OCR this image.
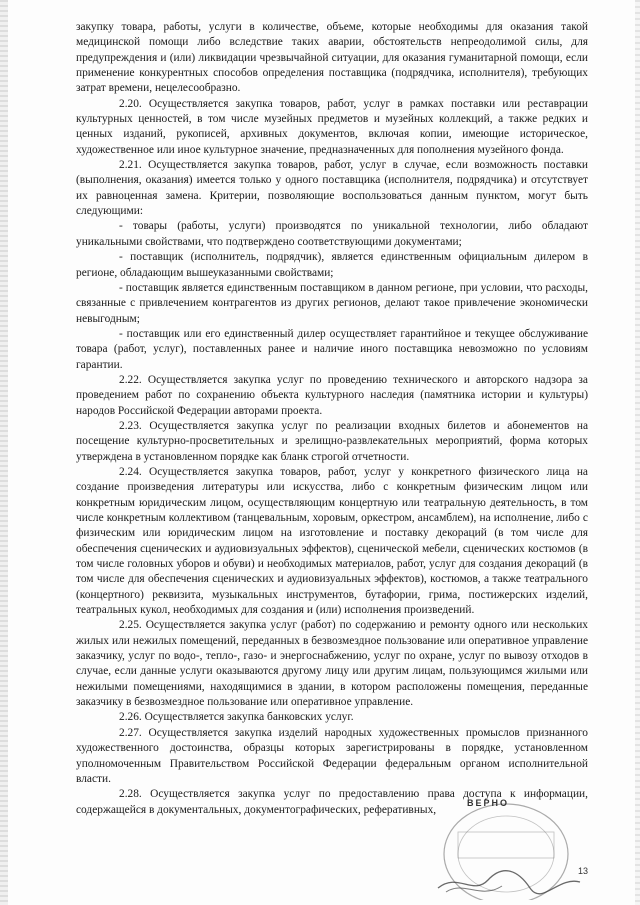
закупку товара, работы, услуги в количестве, объеме, которые необходимы для оказания такой медицинской помощи либо вследствие таких аварии, обстоятельств непреодолимой силы, для предупреждения и (или) ликвидации чрезвычайной ситуации, для оказания гуманитарной помощи, если применение конкурентных способов определения поставщика (подрядчика, исполнителя), требующих затрат времени, нецелесообразно.

2.20. Осуществляется закупка товаров, работ, услуг в рамках поставки или реставрации культурных ценностей, в том числе музейных предметов и музейных коллекций, а также редких и ценных изданий, рукописей, архивных документов, включая копии, имеющие историческое, художественное или иное культурное значение, предназначенных для пополнения музейного фонда.

2.21. Осуществляется закупка товаров, работ, услуг в случае, если возможность поставки (выполнения, оказания) имеется только у одного поставщика (исполнителя, подрядчика) и отсутствует их равноценная замена. Критерии, позволяющие воспользоваться данным пунктом, могут быть следующими:

- товары (работы, услуги) производятся по уникальной технологии, либо обладают уникальными свойствами, что подтверждено соответствующими документами;

- поставщик (исполнитель, подрядчик), является единственным официальным дилером в регионе, обладающим вышеуказанными свойствами;

- поставщик является единственным поставщиком в данном регионе, при условии, что расходы, связанные с привлечением контрагентов из других регионов, делают такое привлечение экономически невыгодным;

- поставщик или его единственный дилер осуществляет гарантийное и текущее обслуживание товара (работ, услуг), поставленных ранее и наличие иного поставщика невозможно по условиям гарантии.

2.22. Осуществляется закупка услуг по проведению технического и авторского надзора за проведением работ по сохранению объекта культурного наследия (памятника истории и культуры) народов Российской Федерации авторами проекта.

2.23. Осуществляется закупка услуг по реализации входных билетов и абонементов на посещение культурно-просветительных и зрелищно-развлекательных мероприятий, форма которых утверждена в установленном порядке как бланк строгой отчетности.

2.24. Осуществляется закупка товаров, работ, услуг у конкретного физического лица на создание произведения литературы или искусства, либо с конкретным физическим лицом или конкретным юридическим лицом, осуществляющим концертную или театральную деятельность, в том числе конкретным коллективом (танцевальным, хоровым, оркестром, ансамблем), на исполнение, либо с физическим или юридическим лицом на изготовление и поставку декораций (в том числе для обеспечения сценических и аудиовизуальных эффектов), сценической мебели, сценических костюмов (в том числе головных уборов и обуви) и необходимых материалов, работ, услуг для создания декораций (в том числе для обеспечения сценических и аудиовизуальных эффектов), костюмов, а также театрального (концертного) реквизита, музыкальных инструментов, бутафории, грима, постижерских изделий, театральных кукол, необходимых для создания и (или) исполнения произведений.

2.25. Осуществляется закупка услуг (работ) по содержанию и ремонту одного или нескольких жилых или нежилых помещений, переданных в безвозмездное пользование или оперативное управление заказчику, услуг по водо-, тепло-, газо- и энергоснабжению, услуг по охране, услуг по вывозу отходов в случае, если данные услуги оказываются другому лицу или другим лицам, пользующимся жилыми или нежилыми помещениями, находящимися в здании, в котором расположены помещения, переданные заказчику в безвозмездное пользование или оперативное управление.

2.26. Осуществляется закупка банковских услуг.

2.27. Осуществляется закупка изделий народных художественных промыслов признанного художественного достоинства, образцы которых зарегистрированы в порядке, установленном уполномоченным Правительством Российской Федерации федеральным органом исполнительной власти.

2.28. Осуществляется закупка услуг по предоставлению права доступа к информации, содержащейся в документальных, документографических, реферативных,

ВЕРНО
13
